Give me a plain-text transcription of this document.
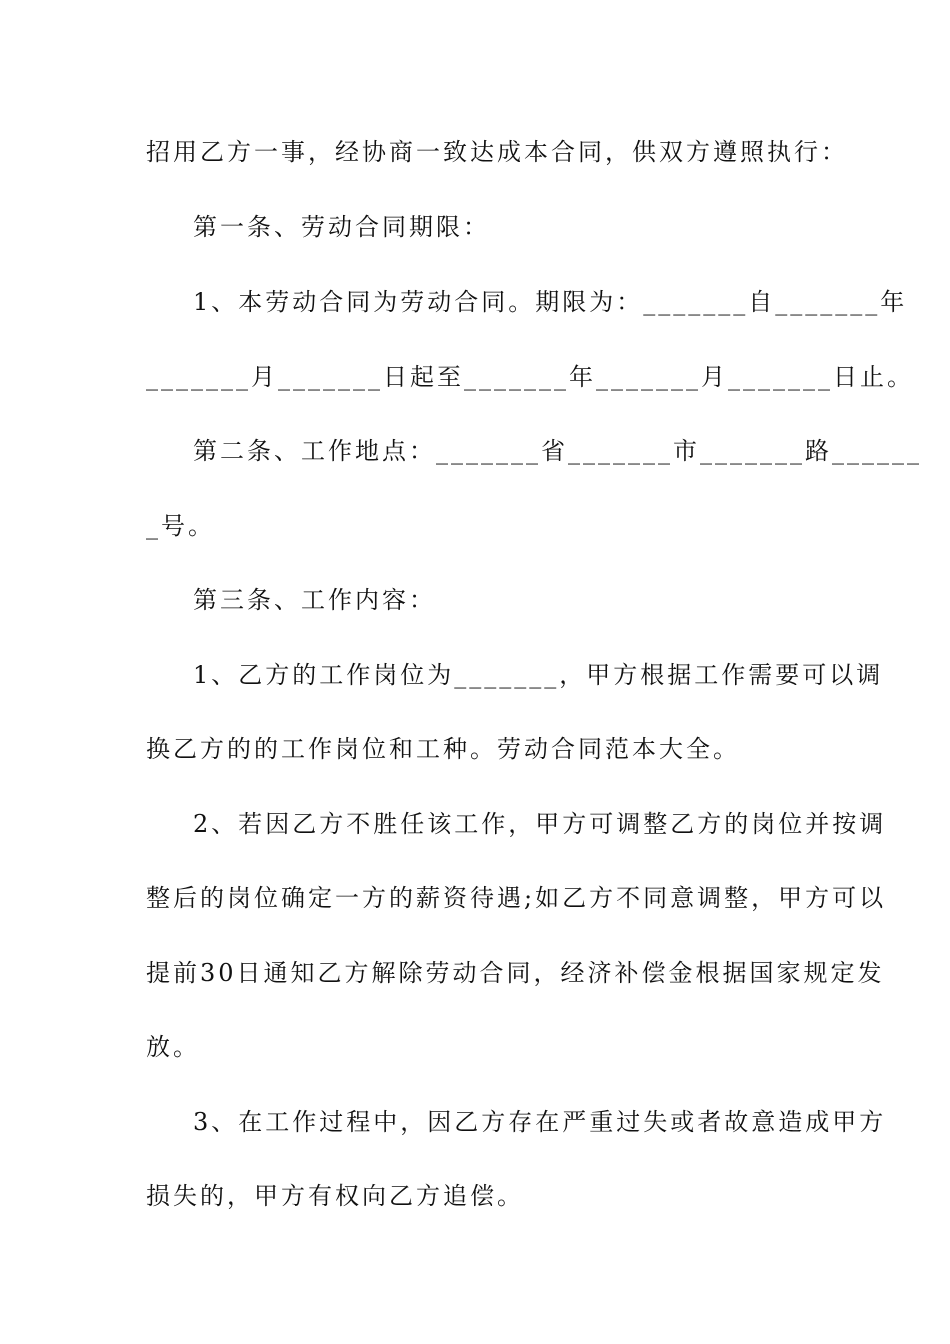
招用乙方一事，经协商一致达成本合同，供双方遵照执行：
第一条、劳动合同期限：
1、本劳动合同为劳动合同。期限为：_______自_______年
_______月_______日起至_______年_______月_______日止。
第二条、工作地点：_______省_______市_______路______
_号。
第三条、工作内容：
1、乙方的工作岗位为_______，甲方根据工作需要可以调
换乙方的的工作岗位和工种。劳动合同范本大全。
2、若因乙方不胜任该工作，甲方可调整乙方的岗位并按调
整后的岗位确定一方的薪资待遇;如乙方不同意调整，甲方可以
提前30日通知乙方解除劳动合同，经济补偿金根据国家规定发
放。
3、在工作过程中，因乙方存在严重过失或者故意造成甲方
损失的，甲方有权向乙方追偿。
